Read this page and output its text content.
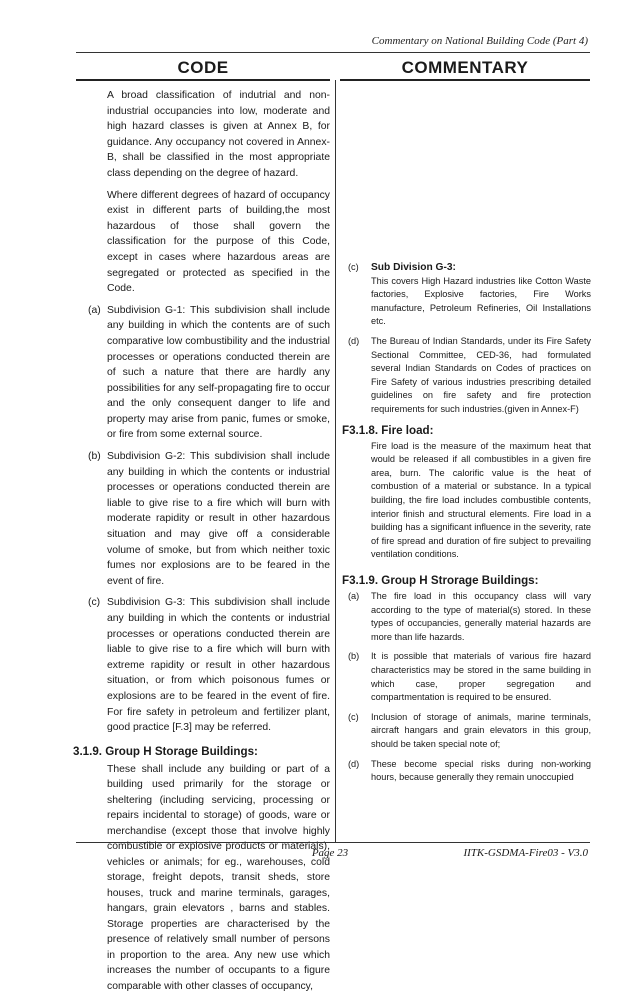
Commentary on National Building Code (Part 4)
CODE	COMMENTARY

A broad classification of indutrial and non-industrial occupancies into low, moderate and high hazard classes is given at Annex B, for guidance. Any occupancy not covered in Annex-B, shall be classified in the most appropriate class depending on the degree of hazard.

Where different degrees of hazard of occupancy exist in different parts of building,the most hazardous of those shall govern the classification for the purpose of this Code, except in cases where hazardous areas are segregated or protected as specified in the Code.

(a) Subdivision G-1: This subdivision shall include any building in which the contents are of such comparative low combustibility and the industrial processes or operations conducted therein are of such a nature that there are hardly any possibilities for any self-propagating fire to occur and the only consequent danger to life and property may arise from panic, fumes or smoke, or fire from some external source.
(b) Subdivision G-2: This subdivision shall include any building in which the contents or industrial processes or operations conducted therein are liable to give rise to a fire which will burn with moderate rapidity or result in other hazardous situation and may give off a considerable volume of smoke, but from which neither toxic fumes nor explosions are to be feared in the event of fire.
(c) Subdivision G-3: This subdivision shall include any building in which the contents or industrial processes or operations conducted therein are liable to give rise to a fire which will burn with extreme rapidity or result in other hazardous situation, or from which poisonous fumes or explosions are to be feared in the event of fire. For fire safety in petroleum and fertilizer plant, good practice [F.3] may be referred.
3.1.9. Group H Storage Buildings:

These shall include any building or part of a building used primarily for the storage or sheltering (including servicing, processing or repairs incidental to storage) of goods, ware or merchandise (except those that involve highly combustible or explosive products or materials), vehicles or animals; for eg., warehouses, cold storage, freight depots, transit sheds, store houses, truck and marine terminals, garages, hangars, grain elevators , barns and stables. Storage properties are characterised by the presence of relatively small number of persons in proportion to the area. Any new use which increases the number of occupants to a figure comparable with other classes of occupancy,

(c) Sub Division G-3:
This covers High Hazard industries like Cotton Waste factories, Explosive factories, Fire Works manufacture, Petroleum Refineries, Oil Installations etc.
(d) The Bureau of Indian Standards, under its Fire Safety Sectional Committee, CED-36, had formulated several Indian Standards on Codes of practices on Fire Safety of various industries prescribing detailed guidelines on fire safety and fire protection requirements for such industries.(given in Annex-F)
F3.1.8. Fire load:

Fire load is the measure of the maximum heat that would be released if all combustibles in a given fire area, burn. The calorific value is the heat of combustion of a material or substance. In a typical building, the fire load includes combustible contents, interior finish and structural elements. Fire load in a building has a significant influence in the severity, rate of fire spread and duration of fire subject to prevailing ventilation conditions.

F3.1.9. Group H Strorage Buildings:
(a) The fire load in this occupancy class will vary according to the type of material(s) stored. In these types of occupancies, generally material hazards are more than life hazards.
(b) It is possible that materials of various fire hazard characteristics may be stored in the same building in which case, proper segregation and compartmentation is required to be ensured.
(c) Inclusion of storage of animals, marine terminals, aircraft hangars and grain elevators in this group, should be taken special note of;
(d) These become special risks during non-working hours, because generally they remain unoccupied
Page 23	IITK-GSDMA-Fire03 - V3.0
